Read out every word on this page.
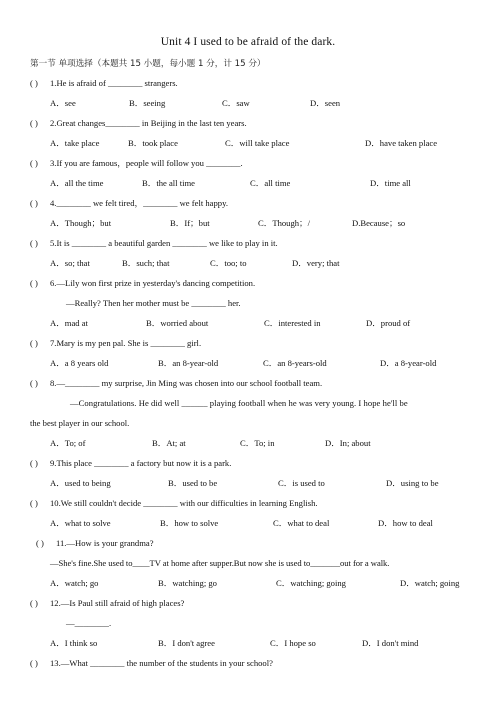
Unit 4 I used to be afraid of the dark.
第一节 单项选择（本题共 15 小题，每小题 1 分，计 15 分）
( ) 1.He is afraid of ________ strangers.
A．see	B．seeing	C．saw	D．seen
( ) 2.Great changes________ in Beijing in the last ten years.
A．take place	B．took place	C．will take place	D．have taken place
( ) 3.If you are famous，people will follow you ________.
A．all the time	B．the all time	C．all time	D．time all
( ) 4.________ we felt tired，________ we felt happy.
A．Though；but	B．If；but	C．Though；/	D.Because；so
( ) 5.It is ________ a beautiful garden ________ we like to play in it.
A．so; that	B．such; that	C．too; to	D．very; that
( ) 6.—Lily won first prize in yesterday's dancing competition.
—Really? Then her mother must be ________ her.
A．mad at	B．worried about	C．interested in	D．proud of
( ) 7.Mary is my pen pal. She is ________ girl.
A．a 8 years old	B．an 8-year-old	C．an 8-years-old	D．a 8-year-old
( ) 8.—________ my surprise, Jin Ming was chosen into our school football team.
—Congratulations. He did well ______ playing football when he was very young. I hope he'll be
the best player in our school.
A．To; of	B．At; at	C．To; in	D．In; about
( ) 9.This place ________ a factory but now it is a park.
A．used to being	B．used to be	C．is used to	D．using to be
( ) 10.We still couldn't decide ________ with our difficulties in learning English.
A．what to solve	B．how to solve	C．what to deal	D．how to deal
( ) 11.—How is your grandma?
—She's fine.She used to____TV at home after supper.But now she is used to_______out for a walk.
A．watch; go	B．watching; go	C．watching; going	D．watch; going
( ) 12.—Is Paul still afraid of high places?
—________.
A．I think so	B．I don't agree	C．I hope so	D．I don't mind
( ) 13.—What ________ the number of the students in your school?
